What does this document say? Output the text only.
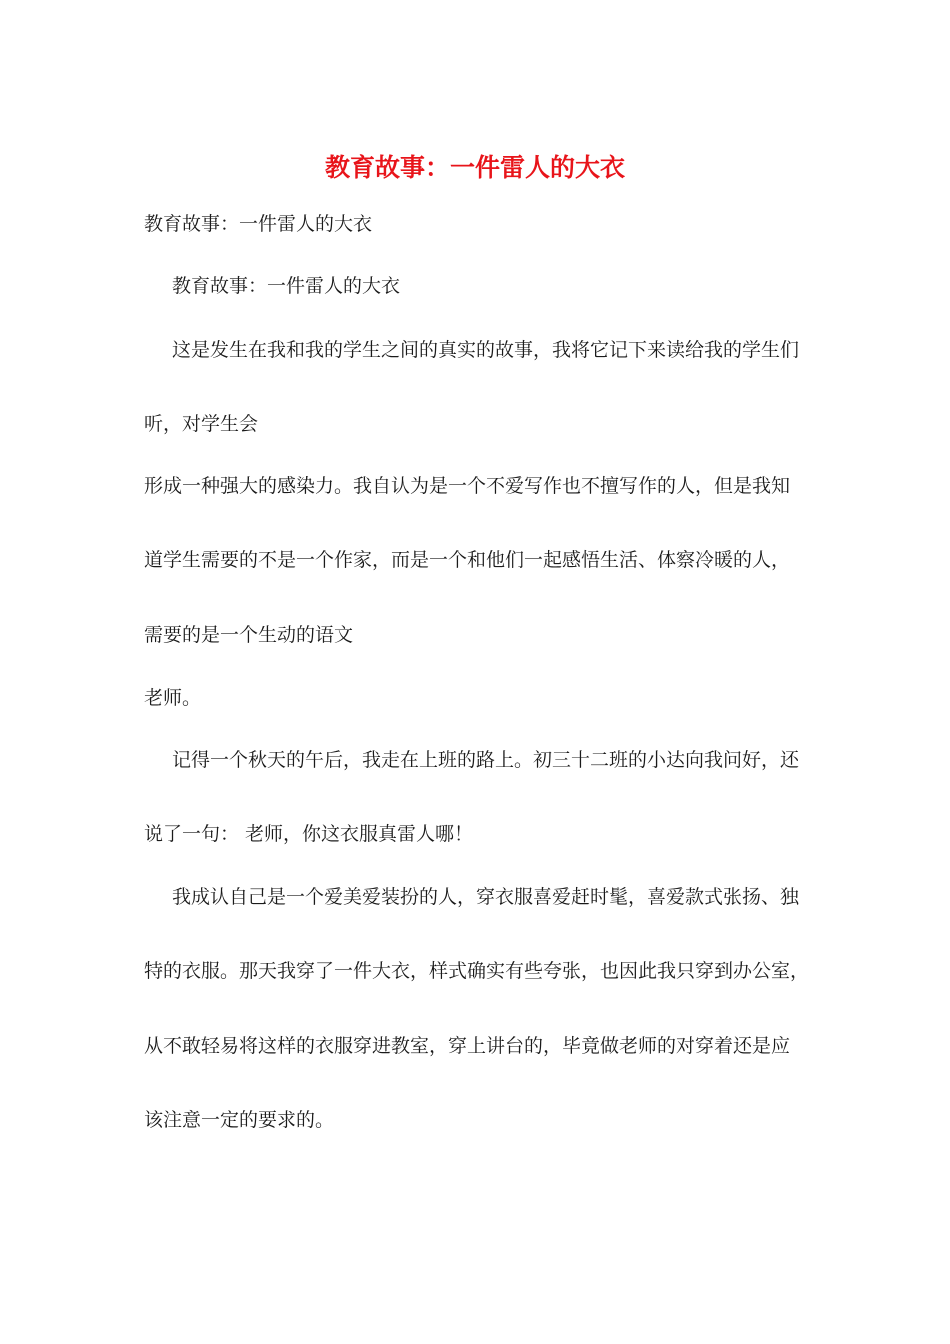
教育故事：一件雷人的大衣

教育故事：一件雷人的大衣

教育故事：一件雷人的大衣

这是发生在我和我的学生之间的真实的故事，我将它记下来读给我的学生们

听，对学生会

形成一种强大的感染力。我自认为是一个不爱写作也不擅写作的人，但是我知

道学生需要的不是一个作家，而是一个和他们一起感悟生活、体察冷暖的人，

需要的是一个生动的语文

老师。

记得一个秋天的午后，我走在上班的路上。初三十二班的小达向我问好，还

说了一句： 老师，你这衣服真雷人哪！

我成认自己是一个爱美爱装扮的人，穿衣服喜爱赶时髦，喜爱款式张扬、独

特的衣服。那天我穿了一件大衣，样式确实有些夸张，也因此我只穿到办公室，

从不敢轻易将这样的衣服穿进教室，穿上讲台的，毕竟做老师的对穿着还是应

该注意一定的要求的。
